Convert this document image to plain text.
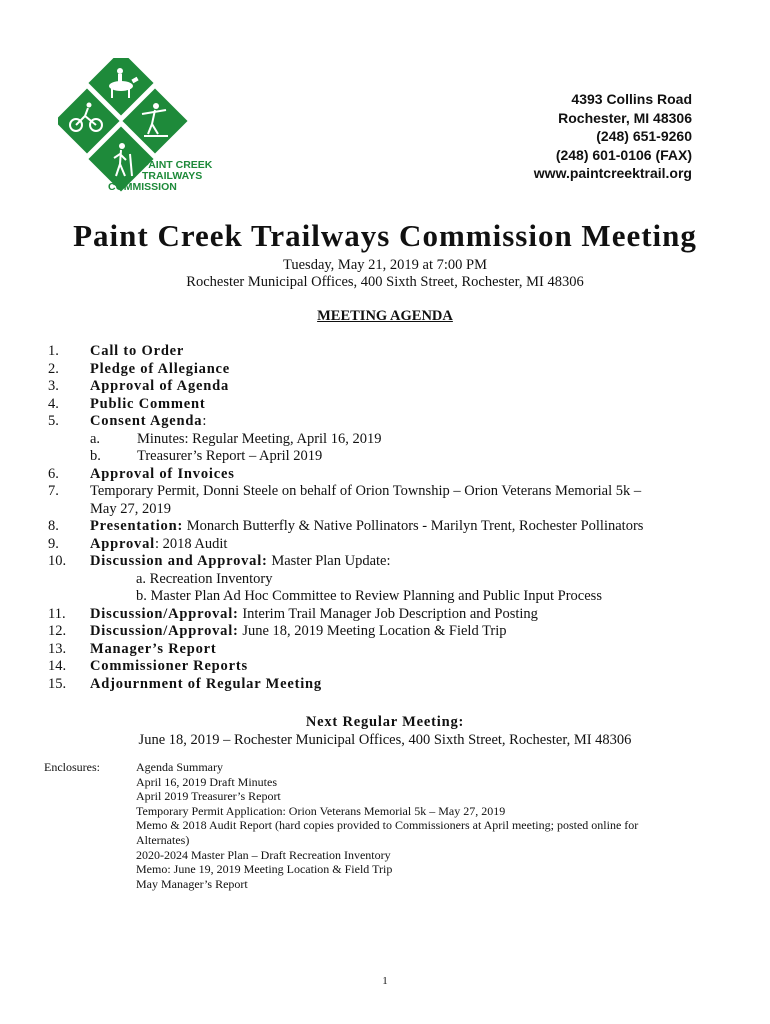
PAINT CREEK
TRAILWAYS
COMMISSION
4393 Collins Road
Rochester, MI 48306
(248) 651-9260
(248) 601-0106 (FAX)
www.paintcreektrail.org
Paint Creek Trailways Commission Meeting
Tuesday, May 21, 2019 at 7:00 PM
Rochester Municipal Offices, 400 Sixth Street, Rochester, MI 48306
MEETING AGENDA
1.	Call to Order
2.	Pledge of Allegiance
3.	Approval of Agenda
4.	Public Comment
5.	Consent Agenda:
a.	Minutes: Regular Meeting, April 16, 2019
b.	Treasurer’s Report – April 2019
6.	Approval of Invoices
7.	Temporary Permit, Donni Steele on behalf of Orion Township – Orion Veterans Memorial 5k –
May 27, 2019
8.	Presentation: Monarch Butterfly & Native Pollinators - Marilyn Trent, Rochester Pollinators
9.	Approval: 2018 Audit
10.	Discussion and Approval: Master Plan Update:
a. Recreation Inventory
b. Master Plan Ad Hoc Committee to Review Planning and Public Input Process
11.	Discussion/Approval: Interim Trail Manager Job Description and Posting
12.	Discussion/Approval: June 18, 2019 Meeting Location & Field Trip
13.	Manager’s Report
14.	Commissioner Reports
15.	Adjournment of Regular Meeting
Next Regular Meeting:
June 18, 2019 – Rochester Municipal Offices, 400 Sixth Street, Rochester, MI 48306
Enclosures:	Agenda Summary
April 16, 2019 Draft Minutes
April 2019 Treasurer’s Report
Temporary Permit Application: Orion Veterans Memorial 5k – May 27, 2019
Memo & 2018 Audit Report (hard copies provided to Commissioners at April meeting; posted online for
Alternates)
2020-2024 Master Plan – Draft Recreation Inventory
Memo: June 19, 2019 Meeting Location & Field Trip
May Manager’s Report
1
